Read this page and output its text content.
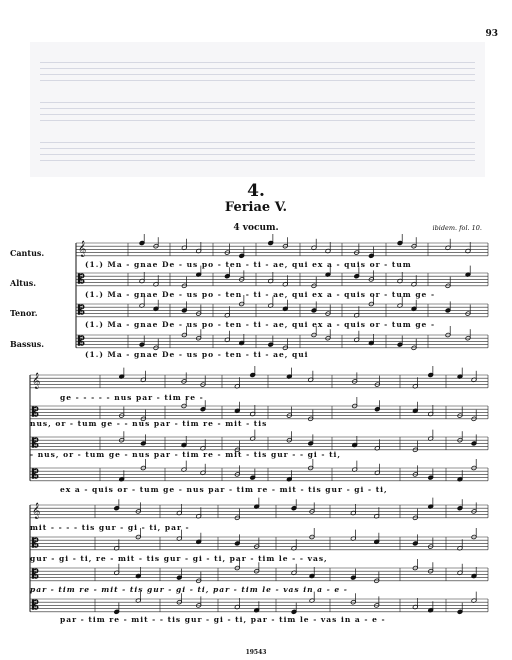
93
4.
Feriae V.
4 vocum.	ibidem. fol. 10.
Cantus.
Altus.
Tenor.
Bassus.
𝄞
𝄡
𝄡
𝄡
𝄞
𝄡
𝄡
𝄡
𝄞
𝄡
𝄡
𝄡
(1.) Ma - gnae De - us po - ten - ti - ae, qui ex a - quis or - tum
(1.) Ma - gnae De - us po - ten - ti - ae, qui ex a - quis or - tum ge -
(1.) Ma - gnae De - us po - ten - ti - ae, qui ex a - quis or - tum ge -
(1.) Ma - gnae De - us po - ten - ti - ae, qui
ge - - - - - nus par - tim re -
nus, or - tum ge - - nus par - tim re - mit - tis
- nus, or - tum ge - nus par - tim re - mit - tis gur - - gi - ti,
ex a - quis or - tum ge - nus par - tim re - mit - tis gur - gi - ti,
mit - - - - tis gur - gi - ti, par -
gur - gi - ti, re - mit - tis gur - gi - ti, par - tim le - - vas,
par - tim re - mit - tis gur - gi - ti, par - tim le - vas in a - e -
par - tim re - mit - - tis gur - gi - ti, par - tim le - vas in a - e -
19543
